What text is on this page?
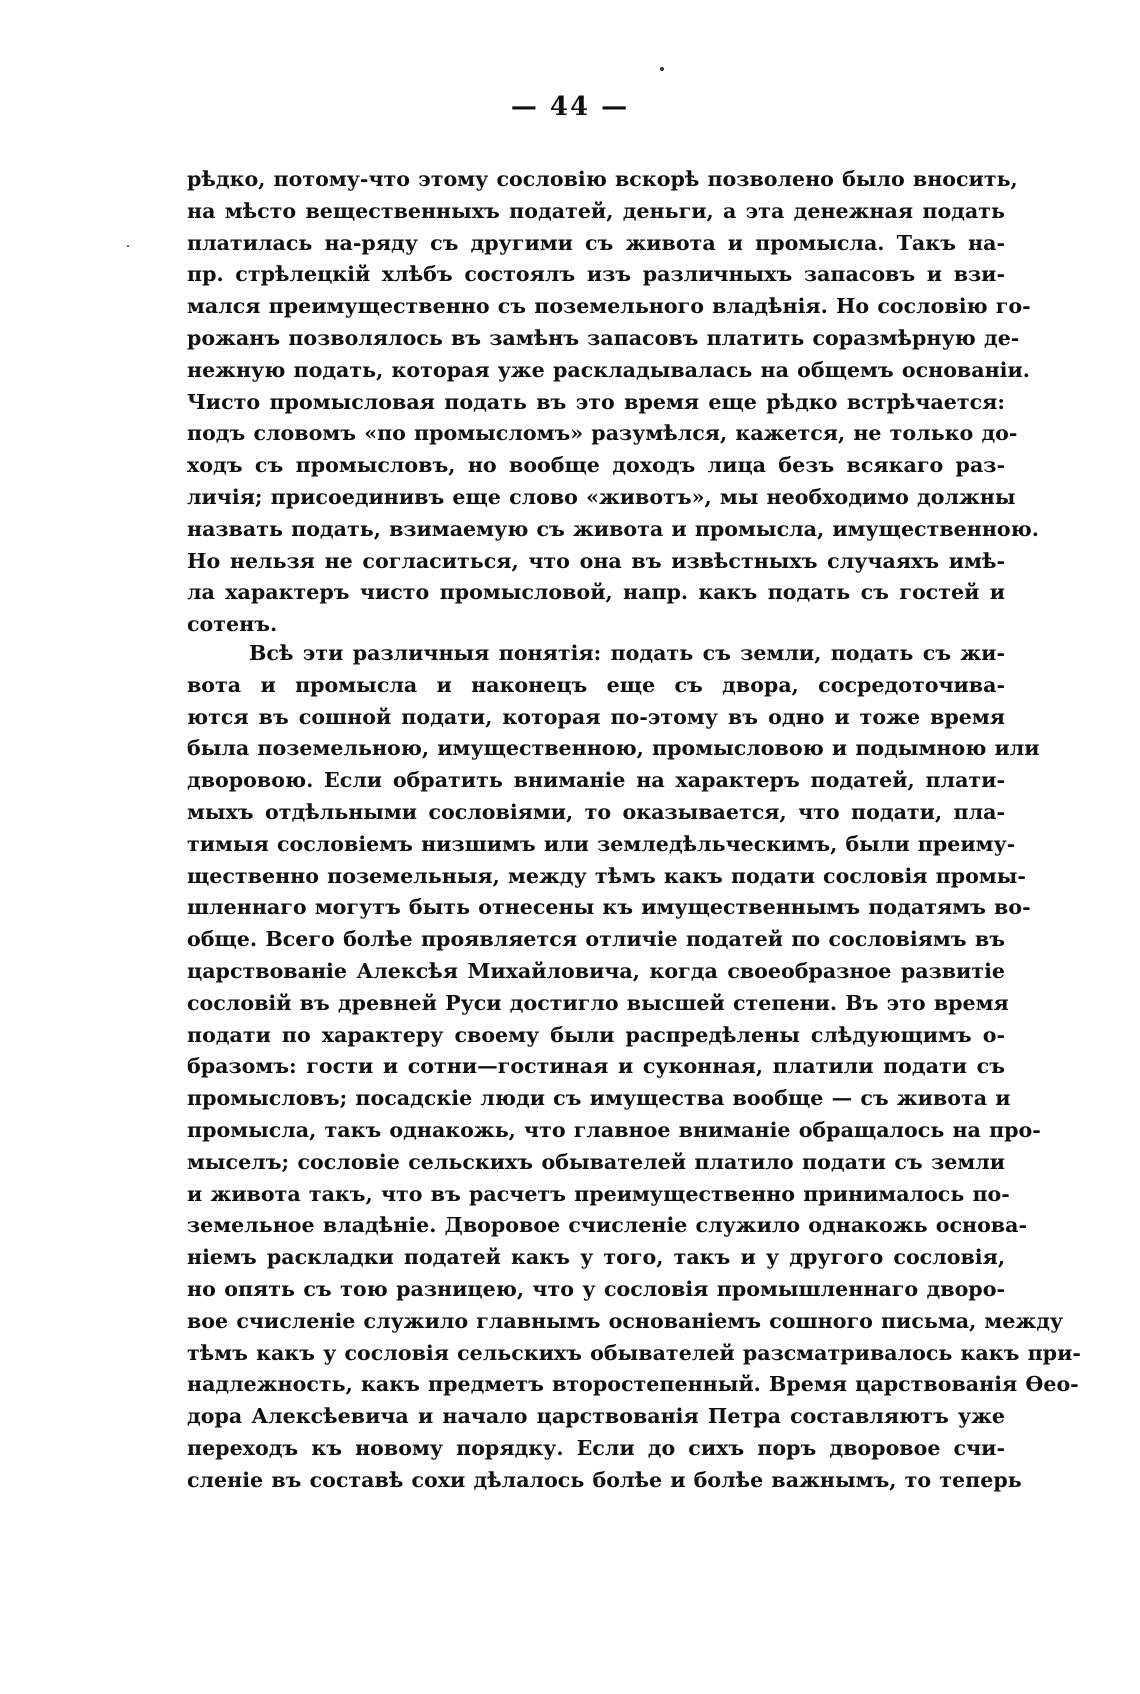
— 44 —
рѣдко, потому-что этому сословію вскорѣ позволено было вносить,
на мѣсто вещественныхъ податей, деньги, а эта денежная подать
платилась на-ряду съ другими съ живота и промысла. Такъ на-
пр. стрѣлецкій хлѣбъ состоялъ изъ различныхъ запасовъ и взи-
мался преимущественно съ поземельного владѣнія. Но сословію го-
рожанъ позволялось въ замѣнъ запасовъ платить соразмѣрную де-
нежную подать, которая уже раскладывалась на общемъ основаніи.
Чисто промысловая подать въ это время еще рѣдко встрѣчается:
подъ словомъ «по промысломъ» разумѣлся, кажется, не только до-
ходъ съ промысловъ, но вообще доходъ лица безъ всякаго раз-
личія; присоединивъ еще слово «животъ», мы необходимо должны
назвать подать, взимаемую съ живота и промысла, имущественною.
Но нельзя не согласиться, что она въ извѣстныхъ случаяхъ имѣ-
ла характеръ чисто промысловой, напр. какъ подать съ гостей и
сотенъ.
Всѣ эти различныя понятія: подать съ земли, подать съ жи-
вота и промысла и наконецъ еще съ двора, сосредоточива-
ются въ сошной подати, которая по-этому въ одно и тоже время
была поземельною, имущественною, промысловою и подымною или
дворовою. Если обратить вниманіе на характеръ податей, плати-
мыхъ отдѣльными сословіями, то оказывается, что подати, пла-
тимыя сословіемъ низшимъ или земледѣльческимъ, были преиму-
щественно поземельныя, между тѣмъ какъ подати сословія промы-
шленнаго могутъ быть отнесены къ имущественнымъ податямъ во-
обще. Всего болѣе проявляется отличіе податей по сословіямъ въ
царствованіе Алексѣя Михайловича, когда своеобразное развитіе
сословій въ древней Руси достигло высшей степени. Въ это время
подати по характеру своему были распредѣлены слѣдующимъ о-
бразомъ: гости и сотни—гостиная и суконная, платили подати съ
промысловъ; посадскіе люди съ имущества вообще — съ живота и
промысла, такъ однакожь, что главное вниманіе обращалось на про-
мыселъ; сословіе сельскихъ обывателей платило подати съ земли
и живота такъ, что въ расчетъ преимущественно принималось по-
земельное владѣніе. Дворовое счисленіе служило однакожь основа-
ніемъ раскладки податей какъ у того, такъ и у другого сословія,
но опять съ тою разницею, что у сословія промышленнаго дворо-
вое счисленіе служило главнымъ основаніемъ сошного письма, между
тѣмъ какъ у сословія сельскихъ обывателей разсматривалось какъ при-
надлежность, какъ предметъ второстепенный. Время царствованія Ѳео-
дора Алексѣевича и начало царствованія Петра составляютъ уже
переходъ къ новому порядку. Если до сихъ поръ дворовое счи-
сленіе въ составѣ сохи дѣлалось болѣе и болѣе важнымъ, то теперь
